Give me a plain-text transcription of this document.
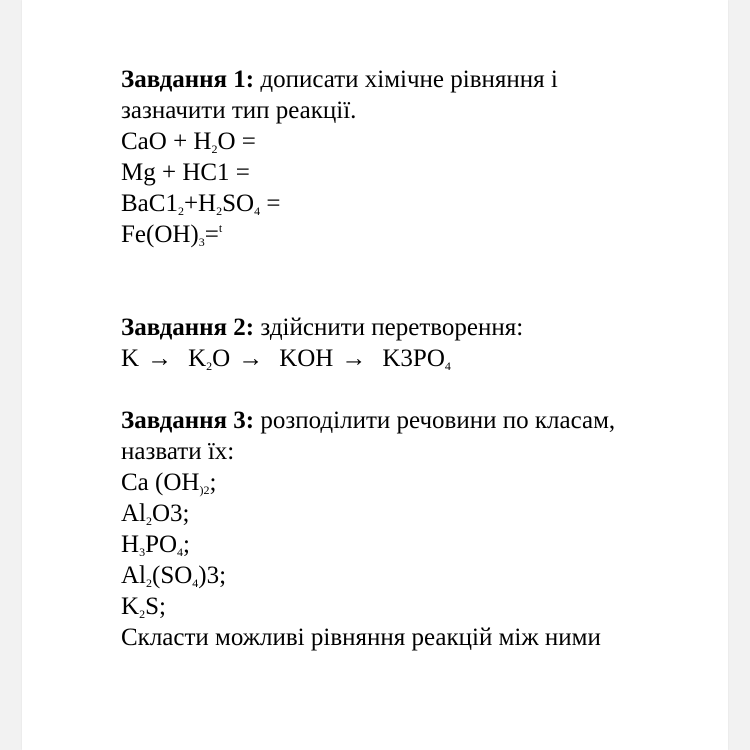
Завдання 1: дописати хімічне рівняння і
зазначити тип реакції.
CaO + $H_2O$ =
Mg + HC1 =
$BaC1_2+H_2SO_4$ =
$Fe(OH)_3=^t$
Завдання 2: здійснити перетворення:
$K \to K_2O$ → KOH → $K3PO_4$
Завдання 3: розподілити речовини по класам,
назвати їх:
Ca ($OH_{)2}$;
$Al_2O3$;
$H_3PO_4$;
$Al_2(SO_4)3$;
$K_2S$;
Скласти можливі рівняння реакцій між ними
